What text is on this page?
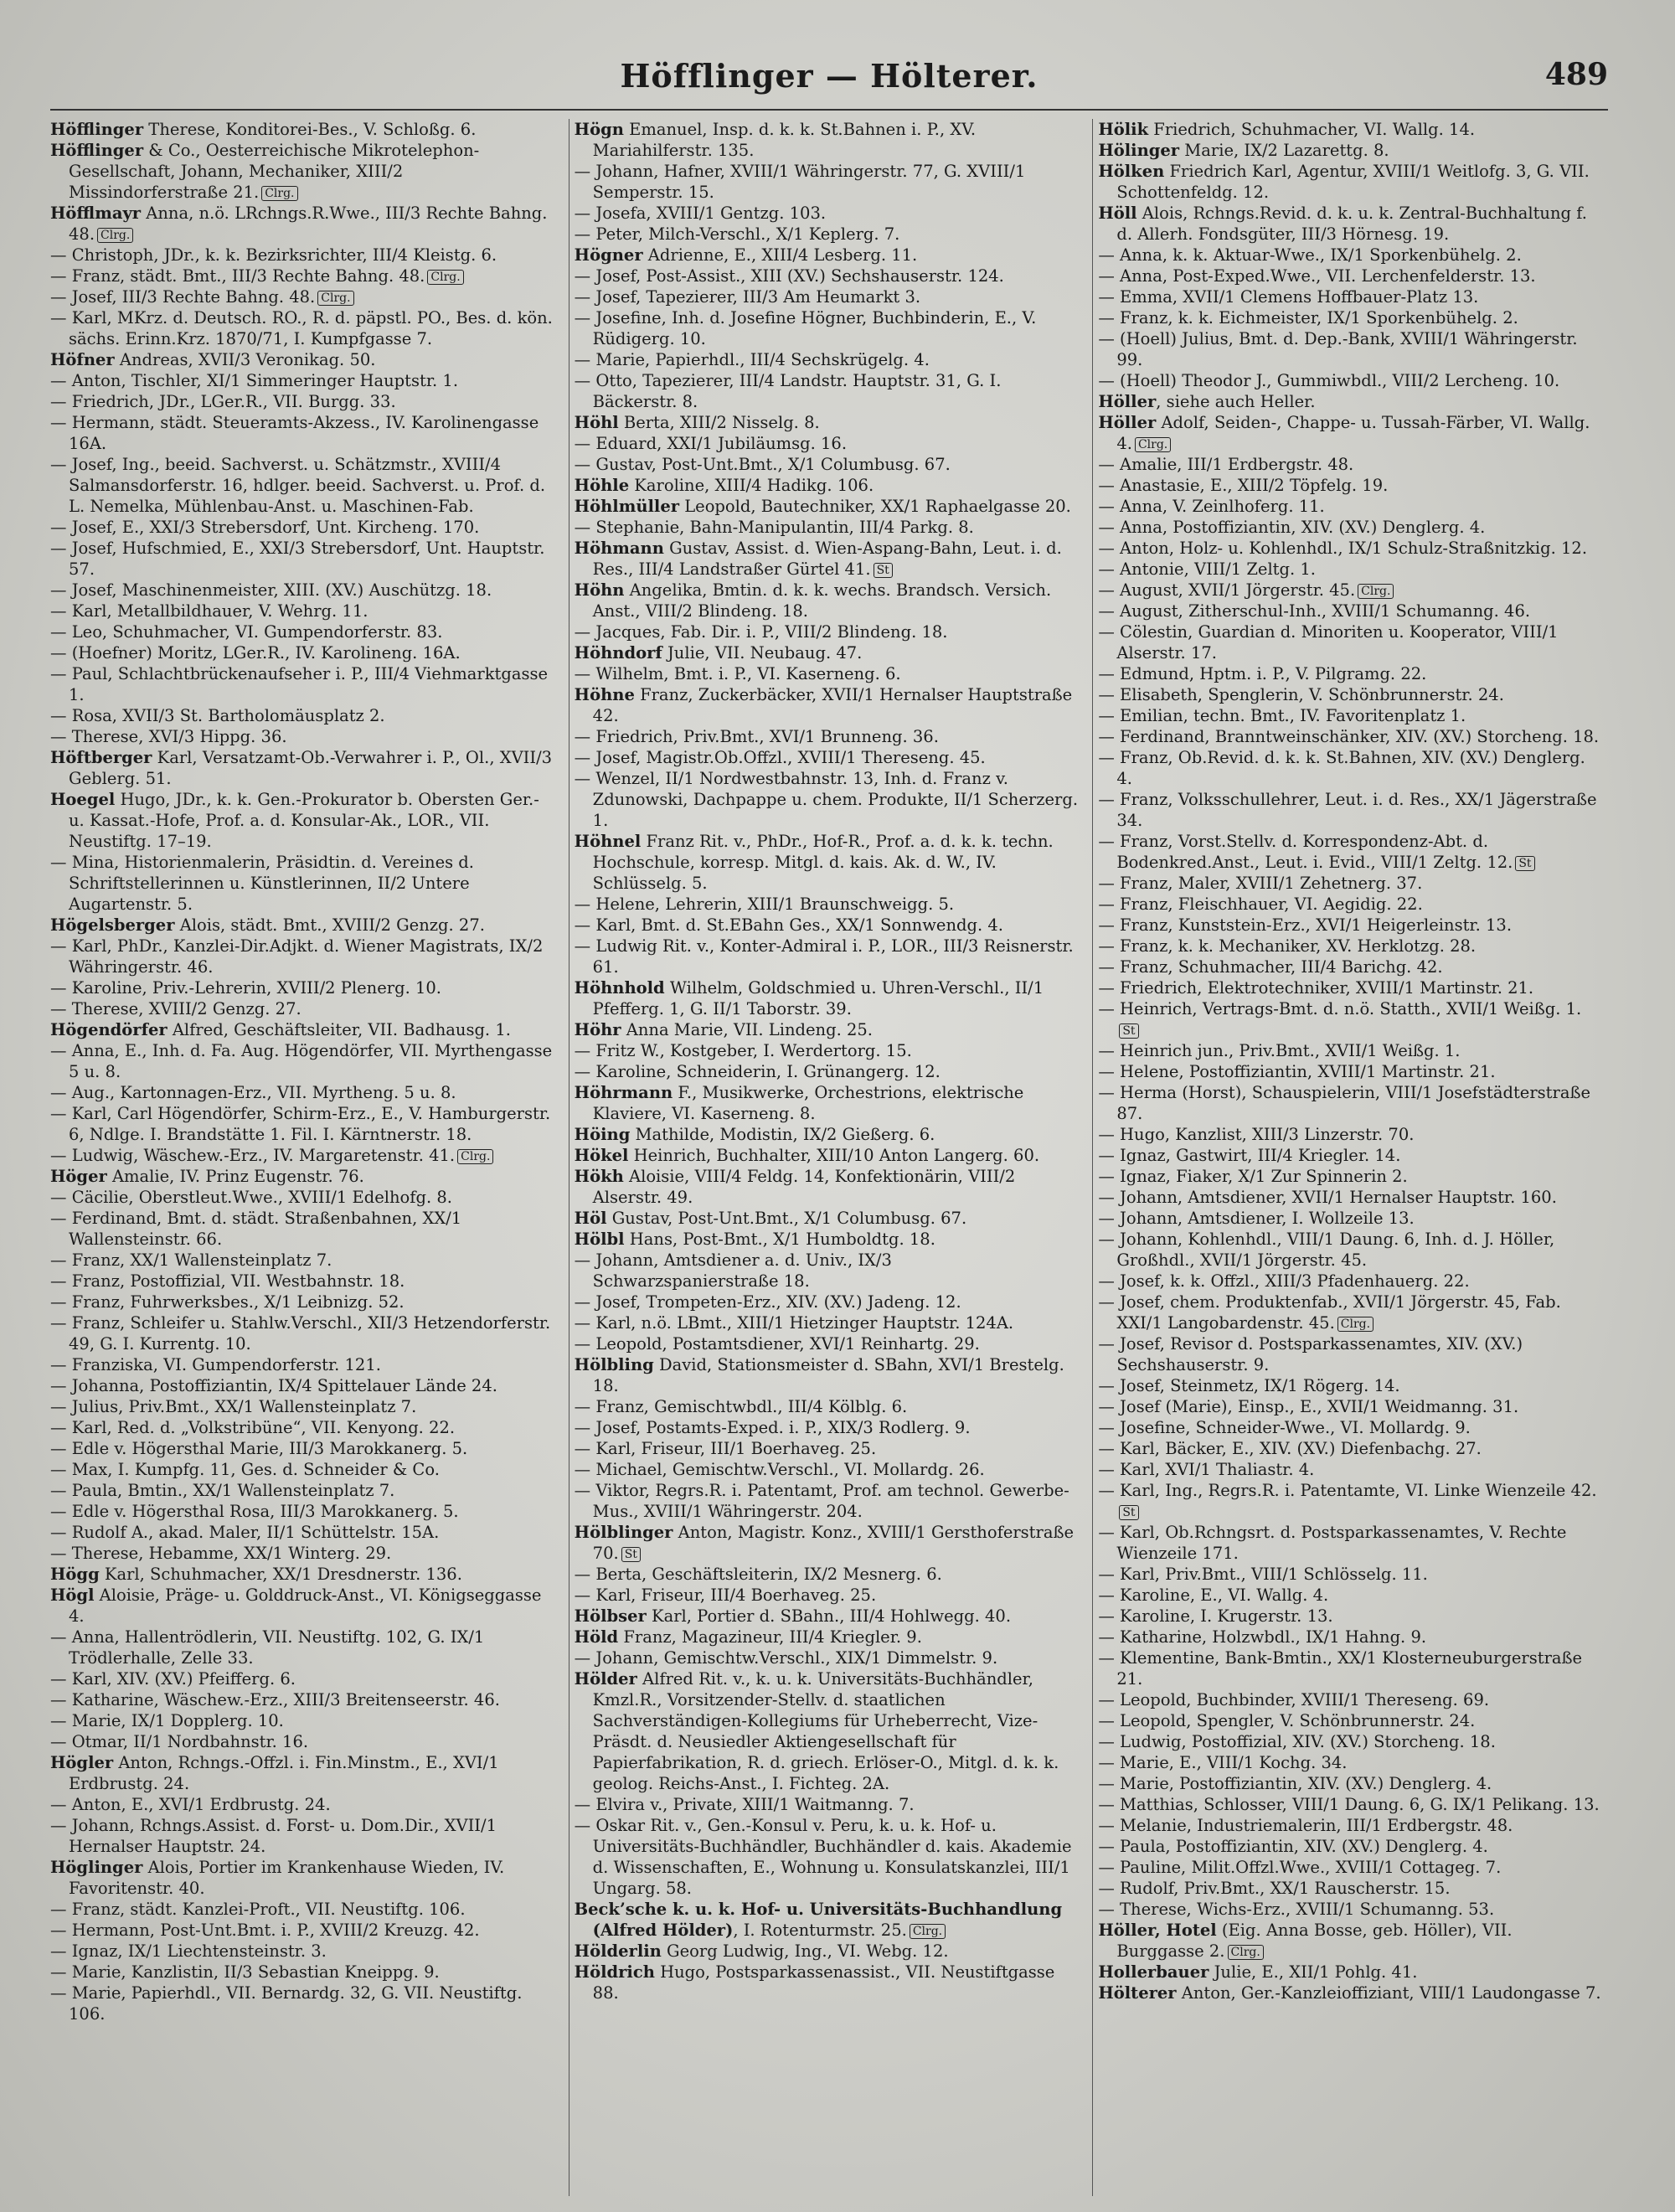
Höfflinger — Hölterer.	489

Höfflinger Therese, Konditorei-Bes., V. Schloßg. 6.

Höfflinger & Co., Oesterreichische Mikrotelephon-Gesellschaft, Johann, Mechaniker, XIII/2 Missindorferstraße 21. Clrg.

Höfflmayr Anna, n.ö. LRchngs.R.Wwe., III/3 Rechte Bahng. 48. Clrg.

— Christoph, JDr., k. k. Bezirksrichter, III/4 Kleistg. 6.

— Franz, städt. Bmt., III/3 Rechte Bahng. 48. Clrg.

— Josef, III/3 Rechte Bahng. 48. Clrg.

— Karl, MKrz. d. Deutsch. RO., R. d. päpstl. PO., Bes. d. kön. sächs. Erinn.Krz. 1870/71, I. Kumpfgasse 7.

Höfner Andreas, XVII/3 Veronikag. 50.

— Anton, Tischler, XI/1 Simmeringer Hauptstr. 1.

— Friedrich, JDr., LGer.R., VII. Burgg. 33.

— Hermann, städt. Steueramts-Akzess., IV. Karolinengasse 16A.

— Josef, Ing., beeid. Sachverst. u. Schätzmstr., XVIII/4 Salmansdorferstr. 16, hdlger. beeid. Sachverst. u. Prof. d. L. Nemelka, Mühlenbau-Anst. u. Maschinen-Fab.

— Josef, E., XXI/3 Strebersdorf, Unt. Kircheng. 170.

— Josef, Hufschmied, E., XXI/3 Strebersdorf, Unt. Hauptstr. 57.

— Josef, Maschinenmeister, XIII. (XV.) Auschützg. 18.

— Karl, Metallbildhauer, V. Wehrg. 11.

— Leo, Schuhmacher, VI. Gumpendorferstr. 83.

— (Hoefner) Moritz, LGer.R., IV. Karolineng. 16A.

— Paul, Schlachtbrückenaufseher i. P., III/4 Viehmarktgasse 1.

— Rosa, XVII/3 St. Bartholomäusplatz 2.

— Therese, XVI/3 Hippg. 36.

Höftberger Karl, Versatzamt-Ob.-Verwahrer i. P., Ol., XVII/3 Geblerg. 51.

Hoegel Hugo, JDr., k. k. Gen.-Prokurator b. Obersten Ger.- u. Kassat.-Hofe, Prof. a. d. Konsular-Ak., LOR., VII. Neustiftg. 17–19.

— Mina, Historienmalerin, Präsidtin. d. Vereines d. Schriftstellerinnen u. Künstlerinnen, II/2 Untere Augartenstr. 5.

Högelsberger Alois, städt. Bmt., XVIII/2 Genzg. 27.

— Karl, PhDr., Kanzlei-Dir.Adjkt. d. Wiener Magistrats, IX/2 Währingerstr. 46.

— Karoline, Priv.-Lehrerin, XVIII/2 Plenerg. 10.

— Therese, XVIII/2 Genzg. 27.

Högendörfer Alfred, Geschäftsleiter, VII. Badhausg. 1.

— Anna, E., Inh. d. Fa. Aug. Högendörfer, VII. Myrthengasse 5 u. 8.

— Aug., Kartonnagen-Erz., VII. Myrtheng. 5 u. 8.

— Karl, Carl Högendörfer, Schirm-Erz., E., V. Hamburgerstr. 6, Ndlge. I. Brandstätte 1. Fil. I. Kärntnerstr. 18.

— Ludwig, Wäschew.-Erz., IV. Margaretenstr. 41. Clrg.

Höger Amalie, IV. Prinz Eugenstr. 76.

— Cäcilie, Oberstleut.Wwe., XVIII/1 Edelhofg. 8.

— Ferdinand, Bmt. d. städt. Straßenbahnen, XX/1 Wallensteinstr. 66.

— Franz, XX/1 Wallensteinplatz 7.

— Franz, Postoffizial, VII. Westbahnstr. 18.

— Franz, Fuhrwerksbes., X/1 Leibnizg. 52.

— Franz, Schleifer u. Stahlw.Verschl., XII/3 Hetzendorferstr. 49, G. I. Kurrentg. 10.

— Franziska, VI. Gumpendorferstr. 121.

— Johanna, Postoffiziantin, IX/4 Spittelauer Lände 24.

— Julius, Priv.Bmt., XX/1 Wallensteinplatz 7.

— Karl, Red. d. „Volkstribüne“, VII. Kenyong. 22.

— Edle v. Högersthal Marie, III/3 Marokkanerg. 5.

— Max, I. Kumpfg. 11, Ges. d. Schneider & Co.

— Paula, Bmtin., XX/1 Wallensteinplatz 7.

— Edle v. Högersthal Rosa, III/3 Marokkanerg. 5.

— Rudolf A., akad. Maler, II/1 Schüttelstr. 15A.

— Therese, Hebamme, XX/1 Winterg. 29.

Högg Karl, Schuhmacher, XX/1 Dresdnerstr. 136.

Högl Aloisie, Präge- u. Golddruck-Anst., VI. Königseggasse 4.

— Anna, Hallentrödlerin, VII. Neustiftg. 102, G. IX/1 Trödlerhalle, Zelle 33.

— Karl, XIV. (XV.) Pfeifferg. 6.

— Katharine, Wäschew.-Erz., XIII/3 Breitenseerstr. 46.

— Marie, IX/1 Dopplerg. 10.

— Otmar, II/1 Nordbahnstr. 16.

Högler Anton, Rchngs.-Offzl. i. Fin.Minstm., E., XVI/1 Erdbrustg. 24.

— Anton, E., XVI/1 Erdbrustg. 24.

— Johann, Rchngs.Assist. d. Forst- u. Dom.Dir., XVII/1 Hernalser Hauptstr. 24.

Höglinger Alois, Portier im Krankenhause Wieden, IV. Favoritenstr. 40.

— Franz, städt. Kanzlei-Proft., VII. Neustiftg. 106.

— Hermann, Post-Unt.Bmt. i. P., XVIII/2 Kreuzg. 42.

— Ignaz, IX/1 Liechtensteinstr. 3.

— Marie, Kanzlistin, II/3 Sebastian Kneippg. 9.

— Marie, Papierhdl., VII. Bernardg. 32, G. VII. Neustiftg. 106.

Högn Emanuel, Insp. d. k. k. St.Bahnen i. P., XV. Mariahilferstr. 135.

— Johann, Hafner, XVIII/1 Währingerstr. 77, G. XVIII/1 Semperstr. 15.

— Josefa, XVIII/1 Gentzg. 103.

— Peter, Milch-Verschl., X/1 Keplerg. 7.

Högner Adrienne, E., XIII/4 Lesberg. 11.

— Josef, Post-Assist., XIII (XV.) Sechshauserstr. 124.

— Josef, Tapezierer, III/3 Am Heumarkt 3.

— Josefine, Inh. d. Josefine Högner, Buchbinderin, E., V. Rüdigerg. 10.

— Marie, Papierhdl., III/4 Sechskrügelg. 4.

— Otto, Tapezierer, III/4 Landstr. Hauptstr. 31, G. I. Bäckerstr. 8.

Höhl Berta, XIII/2 Nisselg. 8.

— Eduard, XXI/1 Jubiläumsg. 16.

— Gustav, Post-Unt.Bmt., X/1 Columbusg. 67.

Höhle Karoline, XIII/4 Hadikg. 106.

Höhlmüller Leopold, Bautechniker, XX/1 Raphaelgasse 20.

— Stephanie, Bahn-Manipulantin, III/4 Parkg. 8.

Höhmann Gustav, Assist. d. Wien-Aspang-Bahn, Leut. i. d. Res., III/4 Landstraßer Gürtel 41. St

Höhn Angelika, Bmtin. d. k. k. wechs. Brandsch. Versich. Anst., VIII/2 Blindeng. 18.

— Jacques, Fab. Dir. i. P., VIII/2 Blindeng. 18.

Höhndorf Julie, VII. Neubaug. 47.

— Wilhelm, Bmt. i. P., VI. Kaserneng. 6.

Höhne Franz, Zuckerbäcker, XVII/1 Hernalser Hauptstraße 42.

— Friedrich, Priv.Bmt., XVI/1 Brunneng. 36.

— Josef, Magistr.Ob.Offzl., XVIII/1 Thereseng. 45.

— Wenzel, II/1 Nordwestbahnstr. 13, Inh. d. Franz v. Zdunowski, Dachpappe u. chem. Produkte, II/1 Scherzerg. 1.

Höhnel Franz Rit. v., PhDr., Hof-R., Prof. a. d. k. k. techn. Hochschule, korresp. Mitgl. d. kais. Ak. d. W., IV. Schlüsselg. 5.

— Helene, Lehrerin, XIII/1 Braunschweigg. 5.

— Karl, Bmt. d. St.EBahn Ges., XX/1 Sonnwendg. 4.

— Ludwig Rit. v., Konter-Admiral i. P., LOR., III/3 Reisnerstr. 61.

Höhnhold Wilhelm, Goldschmied u. Uhren-Verschl., II/1 Pfefferg. 1, G. II/1 Taborstr. 39.

Höhr Anna Marie, VII. Lindeng. 25.

— Fritz W., Kostgeber, I. Werdertorg. 15.

— Karoline, Schneiderin, I. Grünangerg. 12.

Höhrmann F., Musikwerke, Orchestrions, elektrische Klaviere, VI. Kaserneng. 8.

Höing Mathilde, Modistin, IX/2 Gießerg. 6.

Hökel Heinrich, Buchhalter, XIII/10 Anton Langerg. 60.

Hökh Aloisie, VIII/4 Feldg. 14, Konfektionärin, VIII/2 Alserstr. 49.

Höl Gustav, Post-Unt.Bmt., X/1 Columbusg. 67.

Hölbl Hans, Post-Bmt., X/1 Humboldtg. 18.

— Johann, Amtsdiener a. d. Univ., IX/3 Schwarzspanierstraße 18.

— Josef, Trompeten-Erz., XIV. (XV.) Jadeng. 12.

— Karl, n.ö. LBmt., XIII/1 Hietzinger Hauptstr. 124A.

— Leopold, Postamtsdiener, XVI/1 Reinhartg. 29.

Hölbling David, Stationsmeister d. SBahn, XVI/1 Brestelg. 18.

— Franz, Gemischtwbdl., III/4 Kölblg. 6.

— Josef, Postamts-Exped. i. P., XIX/3 Rodlerg. 9.

— Karl, Friseur, III/1 Boerhaveg. 25.

— Michael, Gemischtw.Verschl., VI. Mollardg. 26.

— Viktor, Regrs.R. i. Patentamt, Prof. am technol. Gewerbe-Mus., XVIII/1 Währingerstr. 204.

Hölblinger Anton, Magistr. Konz., XVIII/1 Gersthoferstraße 70. St

— Berta, Geschäftsleiterin, IX/2 Mesnerg. 6.

— Karl, Friseur, III/4 Boerhaveg. 25.

Hölbser Karl, Portier d. SBahn., III/4 Hohlwegg. 40.

Höld Franz, Magazineur, III/4 Kriegler. 9.

— Johann, Gemischtw.Verschl., XIX/1 Dimmelstr. 9.

Hölder Alfred Rit. v., k. u. k. Universitäts-Buchhändler, Kmzl.R., Vorsitzender-Stellv. d. staatlichen Sachverständigen-Kollegiums für Urheberrecht, Vize-Präsdt. d. Neusiedler Aktiengesellschaft für Papierfabrikation, R. d. griech. Erlöser-O., Mitgl. d. k. k. geolog. Reichs-Anst., I. Fichteg. 2A.

— Elvira v., Private, XIII/1 Waitmanng. 7.

— Oskar Rit. v., Gen.-Konsul v. Peru, k. u. k. Hof- u. Universitäts-Buchhändler, Buchhändler d. kais. Akademie d. Wissenschaften, E., Wohnung u. Konsulatskanzlei, III/1 Ungarg. 58.

Beck’sche k. u. k. Hof- u. Universitäts-Buchhandlung (Alfred Hölder), I. Rotenturmstr. 25. Clrg.

Hölderlin Georg Ludwig, Ing., VI. Webg. 12.

Höldrich Hugo, Postsparkassenassist., VII. Neustiftgasse 88.

Hölik Friedrich, Schuhmacher, VI. Wallg. 14.

Hölinger Marie, IX/2 Lazarettg. 8.

Hölken Friedrich Karl, Agentur, XVIII/1 Weitlofg. 3, G. VII. Schottenfeldg. 12.

Höll Alois, Rchngs.Revid. d. k. u. k. Zentral-Buchhaltung f. d. Allerh. Fondsgüter, III/3 Hörnesg. 19.

— Anna, k. k. Aktuar-Wwe., IX/1 Sporkenbühelg. 2.

— Anna, Post-Exped.Wwe., VII. Lerchenfelderstr. 13.

— Emma, XVII/1 Clemens Hoffbauer-Platz 13.

— Franz, k. k. Eichmeister, IX/1 Sporkenbühelg. 2.

— (Hoell) Julius, Bmt. d. Dep.-Bank, XVIII/1 Währingerstr. 99.

— (Hoell) Theodor J., Gummiwbdl., VIII/2 Lercheng. 10.

Höller, siehe auch Heller.

Höller Adolf, Seiden-, Chappe- u. Tussah-Färber, VI. Wallg. 4. Clrg.

— Amalie, III/1 Erdbergstr. 48.

— Anastasie, E., XIII/2 Töpfelg. 19.

— Anna, V. Zeinlhoferg. 11.

— Anna, Postoffiziantin, XIV. (XV.) Denglerg. 4.

— Anton, Holz- u. Kohlenhdl., IX/1 Schulz-Straßnitzkig. 12.

— Antonie, VIII/1 Zeltg. 1.

— August, XVII/1 Jörgerstr. 45. Clrg.

— August, Zitherschul-Inh., XVIII/1 Schumanng. 46.

— Cölestin, Guardian d. Minoriten u. Kooperator, VIII/1 Alserstr. 17.

— Edmund, Hptm. i. P., V. Pilgramg. 22.

— Elisabeth, Spenglerin, V. Schönbrunnerstr. 24.

— Emilian, techn. Bmt., IV. Favoritenplatz 1.

— Ferdinand, Branntweinschänker, XIV. (XV.) Storcheng. 18.

— Franz, Ob.Revid. d. k. k. St.Bahnen, XIV. (XV.) Denglerg. 4.

— Franz, Volksschullehrer, Leut. i. d. Res., XX/1 Jägerstraße 34.

— Franz, Vorst.Stellv. d. Korrespondenz-Abt. d. Bodenkred.Anst., Leut. i. Evid., VIII/1 Zeltg. 12. St

— Franz, Maler, XVIII/1 Zehetnerg. 37.

— Franz, Fleischhauer, VI. Aegidig. 22.

— Franz, Kunststein-Erz., XVI/1 Heigerleinstr. 13.

— Franz, k. k. Mechaniker, XV. Herklotzg. 28.

— Franz, Schuhmacher, III/4 Barichg. 42.

— Friedrich, Elektrotechniker, XVIII/1 Martinstr. 21.

— Heinrich, Vertrags-Bmt. d. n.ö. Statth., XVII/1 Weißg. 1.St

— Heinrich jun., Priv.Bmt., XVII/1 Weißg. 1.

— Helene, Postoffiziantin, XVIII/1 Martinstr. 21.

— Herma (Horst), Schauspielerin, VIII/1 Josefstädterstraße 87.

— Hugo, Kanzlist, XIII/3 Linzerstr. 70.

— Ignaz, Gastwirt, III/4 Kriegler. 14.

— Ignaz, Fiaker, X/1 Zur Spinnerin 2.

— Johann, Amtsdiener, XVII/1 Hernalser Hauptstr. 160.

— Johann, Amtsdiener, I. Wollzeile 13.

— Johann, Kohlenhdl., VIII/1 Daung. 6, Inh. d. J. Höller, Großhdl., XVII/1 Jörgerstr. 45.

— Josef, k. k. Offzl., XIII/3 Pfadenhauerg. 22.

— Josef, chem. Produktenfab., XVII/1 Jörgerstr. 45, Fab. XXI/1 Langobardenstr. 45. Clrg.

— Josef, Revisor d. Postsparkassenamtes, XIV. (XV.) Sechshauserstr. 9.

— Josef, Steinmetz, IX/1 Rögerg. 14.

— Josef (Marie), Einsp., E., XVII/1 Weidmanng. 31.

— Josefine, Schneider-Wwe., VI. Mollardg. 9.

— Karl, Bäcker, E., XIV. (XV.) Diefenbachg. 27.

— Karl, XVI/1 Thaliastr. 4.

— Karl, Ing., Regrs.R. i. Patentamte, VI. Linke Wienzeile 42.St

— Karl, Ob.Rchngsrt. d. Postsparkassenamtes, V. Rechte Wienzeile 171.

— Karl, Priv.Bmt., VIII/1 Schlösselg. 11.

— Karoline, E., VI. Wallg. 4.

— Karoline, I. Krugerstr. 13.

— Katharine, Holzwbdl., IX/1 Hahng. 9.

— Klementine, Bank-Bmtin., XX/1 Klosterneuburgerstraße 21.

— Leopold, Buchbinder, XVIII/1 Thereseng. 69.

— Leopold, Spengler, V. Schönbrunnerstr. 24.

— Ludwig, Postoffizial, XIV. (XV.) Storcheng. 18.

— Marie, E., VIII/1 Kochg. 34.

— Marie, Postoffiziantin, XIV. (XV.) Denglerg. 4.

— Matthias, Schlosser, VIII/1 Daung. 6, G. IX/1 Pelikang. 13.

— Melanie, Industriemalerin, III/1 Erdbergstr. 48.

— Paula, Postoffiziantin, XIV. (XV.) Denglerg. 4.

— Pauline, Milit.Offzl.Wwe., XVIII/1 Cottageg. 7.

— Rudolf, Priv.Bmt., XX/1 Rauscherstr. 15.

— Therese, Wichs-Erz., XVIII/1 Schumanng. 53.

Höller, Hotel (Eig. Anna Bosse, geb. Höller), VII. Burggasse 2. Clrg.

Hollerbauer Julie, E., XII/1 Pohlg. 41.

Hölterer Anton, Ger.-Kanzleioffiziant, VIII/1 Laudongasse 7.
